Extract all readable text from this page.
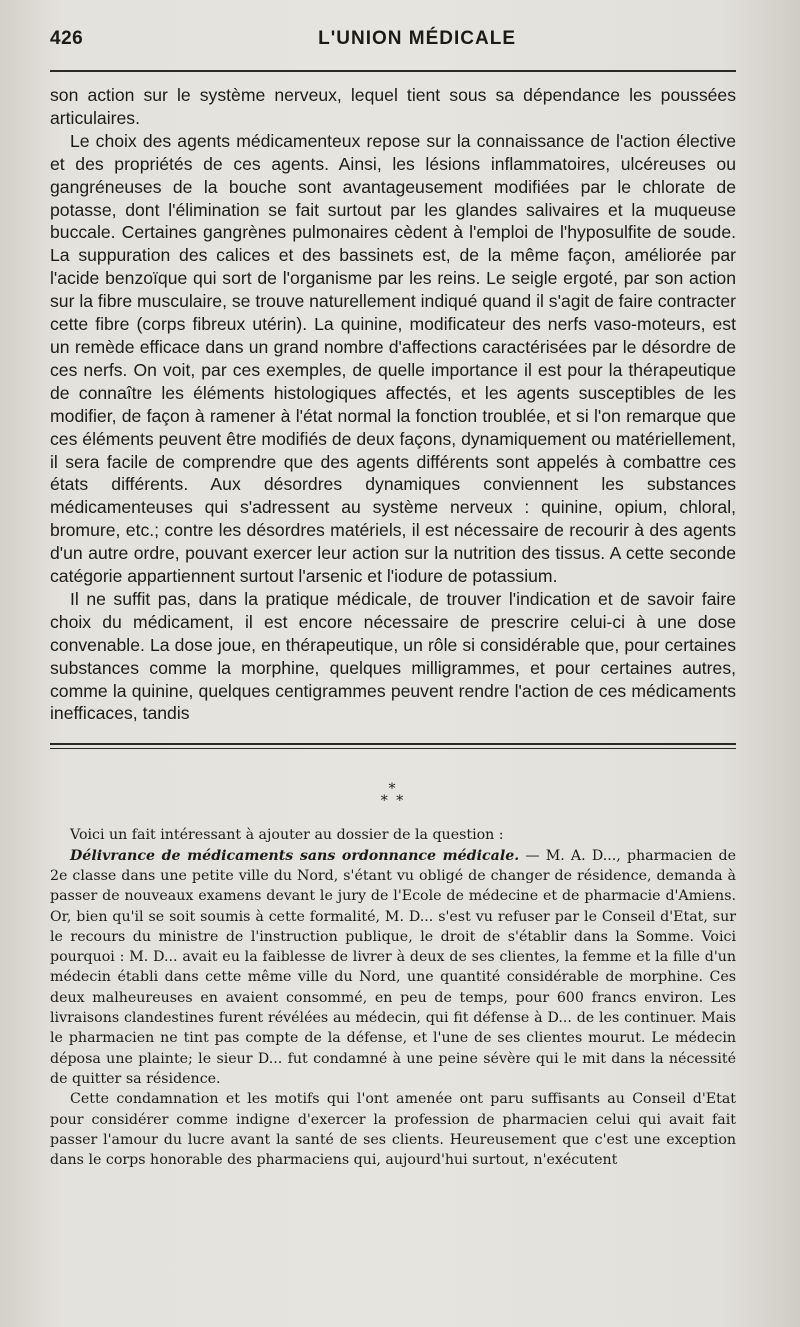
426	L'UNION MÉDICALE

son action sur le système nerveux, lequel tient sous sa dépendance les poussées articulaires.

Le choix des agents médicamenteux repose sur la connaissance de l'action élective et des propriétés de ces agents. Ainsi, les lésions inflammatoires, ulcéreuses ou gangréneuses de la bouche sont avantageusement modifiées par le chlorate de potasse, dont l'élimination se fait surtout par les glandes salivaires et la muqueuse buccale. Certaines gangrènes pulmonaires cèdent à l'emploi de l'hyposulfite de soude. La suppuration des calices et des bassinets est, de la même façon, améliorée par l'acide benzoïque qui sort de l'organisme par les reins. Le seigle ergoté, par son action sur la fibre musculaire, se trouve naturellement indiqué quand il s'agit de faire contracter cette fibre (corps fibreux utérin). La quinine, modificateur des nerfs vaso-moteurs, est un remède efficace dans un grand nombre d'affections caractérisées par le désordre de ces nerfs. On voit, par ces exemples, de quelle importance il est pour la thérapeutique de connaître les éléments histologiques affectés, et les agents susceptibles de les modifier, de façon à ramener à l'état normal la fonction troublée, et si l'on remarque que ces éléments peuvent être modifiés de deux façons, dynamiquement ou matériellement, il sera facile de comprendre que des agents différents sont appelés à combattre ces états différents. Aux désordres dynamiques conviennent les substances médicamenteuses qui s'adressent au système nerveux : quinine, opium, chloral, bromure, etc.; contre les désordres matériels, il est nécessaire de recourir à des agents d'un autre ordre, pouvant exercer leur action sur la nutrition des tissus. A cette seconde catégorie appartiennent surtout l'arsenic et l'iodure de potassium.

Il ne suffit pas, dans la pratique médicale, de trouver l'indication et de savoir faire choix du médicament, il est encore nécessaire de prescrire celui-ci à une dose convenable. La dose joue, en thérapeutique, un rôle si considérable que, pour certaines substances comme la morphine, quelques milligrammes, et pour certaines autres, comme la quinine, quelques centigrammes peuvent rendre l'action de ces médicaments inefficaces, tandis

*
* *

Voici un fait intéressant à ajouter au dossier de la question :

Délivrance de médicaments sans ordonnance médicale. — M. A. D..., pharmacien de 2e classe dans une petite ville du Nord, s'étant vu obligé de changer de résidence, demanda à passer de nouveaux examens devant le jury de l'Ecole de médecine et de pharmacie d'Amiens. Or, bien qu'il se soit soumis à cette formalité, M. D... s'est vu refuser par le Conseil d'Etat, sur le recours du ministre de l'instruction publique, le droit de s'établir dans la Somme. Voici pourquoi : M. D... avait eu la faiblesse de livrer à deux de ses clientes, la femme et la fille d'un médecin établi dans cette même ville du Nord, une quantité considérable de morphine. Ces deux malheureuses en avaient consommé, en peu de temps, pour 600 francs environ. Les livraisons clandestines furent révélées au médecin, qui fit défense à D... de les continuer. Mais le pharmacien ne tint pas compte de la défense, et l'une de ses clientes mourut. Le médecin déposa une plainte; le sieur D... fut condamné à une peine sévère qui le mit dans la nécessité de quitter sa résidence.

Cette condamnation et les motifs qui l'ont amenée ont paru suffisants au Conseil d'Etat pour considérer comme indigne d'exercer la profession de pharmacien celui qui avait fait passer l'amour du lucre avant la santé de ses clients. Heureusement que c'est une exception dans le corps honorable des pharmaciens qui, aujourd'hui surtout, n'exécutent
